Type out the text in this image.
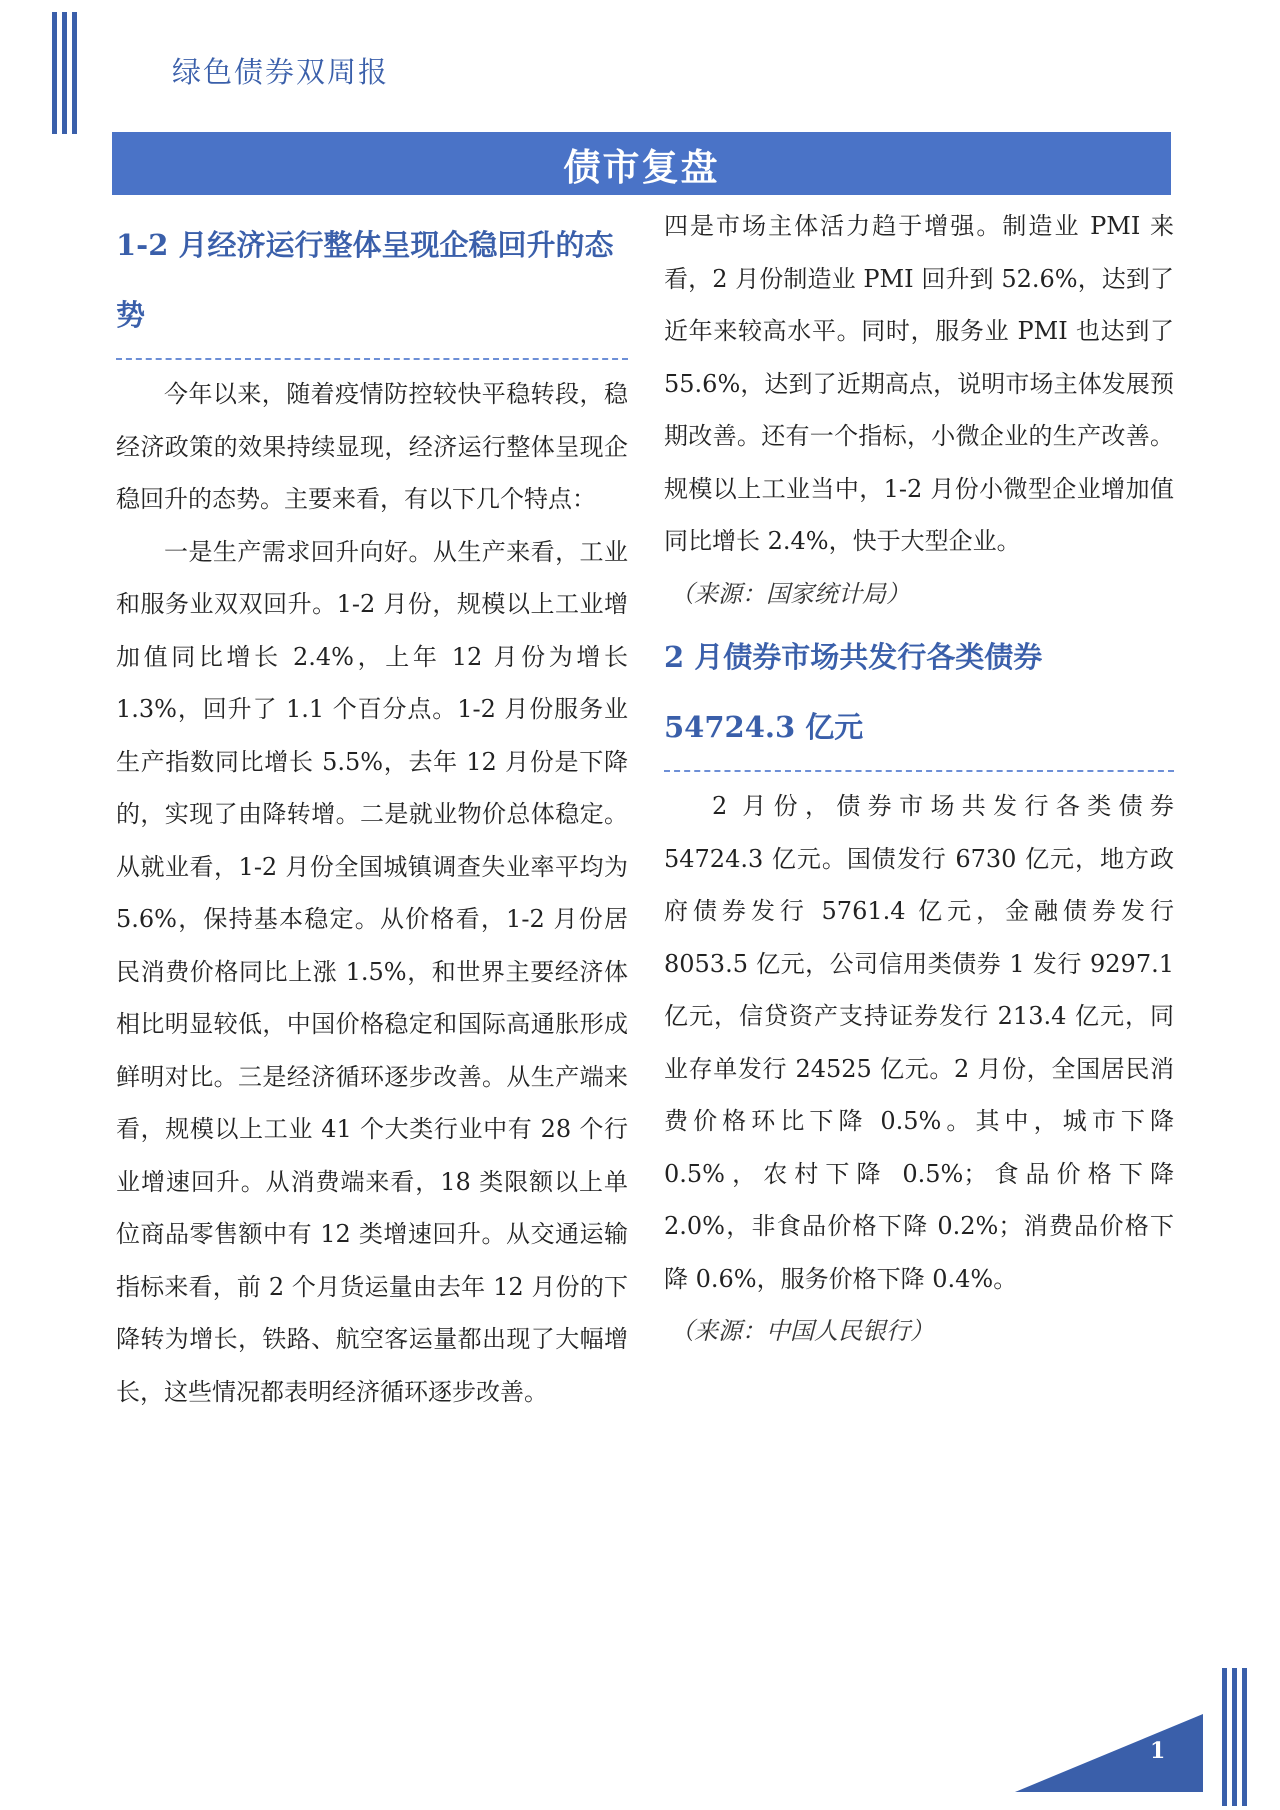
绿色债券双周报
债市复盘
1-2 月经济运行整体呈现企稳回升的态势

今年以来，随着疫情防控较快平稳转段，稳经济政策的效果持续显现，经济运行整体呈现企稳回升的态势。主要来看，有以下几个特点：

一是生产需求回升向好。从生产来看，工业和服务业双双回升。1-2 月份，规模以上工业增加值同比增长 2.4%，上年 12 月份为增长 1.3%，回升了 1.1 个百分点。1-2 月份服务业生产指数同比增长 5.5%，去年 12 月份是下降的，实现了由降转增。二是就业物价总体稳定。从就业看，1-2 月份全国城镇调查失业率平均为 5.6%，保持基本稳定。从价格看，1-2 月份居民消费价格同比上涨 1.5%，和世界主要经济体相比明显较低，中国价格稳定和国际高通胀形成鲜明对比。三是经济循环逐步改善。从生产端来看，规模以上工业 41 个大类行业中有 28 个行业增速回升。从消费端来看，18 类限额以上单位商品零售额中有 12 类增速回升。从交通运输指标来看，前 2 个月货运量由去年 12 月份的下降转为增长，铁路、航空客运量都出现了大幅增长，这些情况都表明经济循环逐步改善。

四是市场主体活力趋于增强。制造业 PMI 来看，2 月份制造业 PMI 回升到 52.6%，达到了近年来较高水平。同时，服务业 PMI 也达到了 55.6%，达到了近期高点，说明市场主体发展预期改善。还有一个指标，小微企业的生产改善。规模以上工业当中，1-2 月份小微型企业增加值同比增长 2.4%，快于大型企业。

（来源：国家统计局）

2 月债券市场共发行各类债券 54724.3 亿元

2 月份，债券市场共发行各类债券 54724.3 亿元。国债发行 6730 亿元，地方政府债券发行 5761.4 亿元，金融债券发行 8053.5 亿元，公司信用类债券 1 发行 9297.1 亿元，信贷资产支持证券发行 213.4 亿元，同业存单发行 24525 亿元。2 月份，全国居民消费价格环比下降 0.5%。其中，城市下降 0.5%，农村下降 0.5%；食品价格下降 2.0%，非食品价格下降 0.2%；消费品价格下降 0.6%，服务价格下降 0.4%。

（来源：中国人民银行）

1
